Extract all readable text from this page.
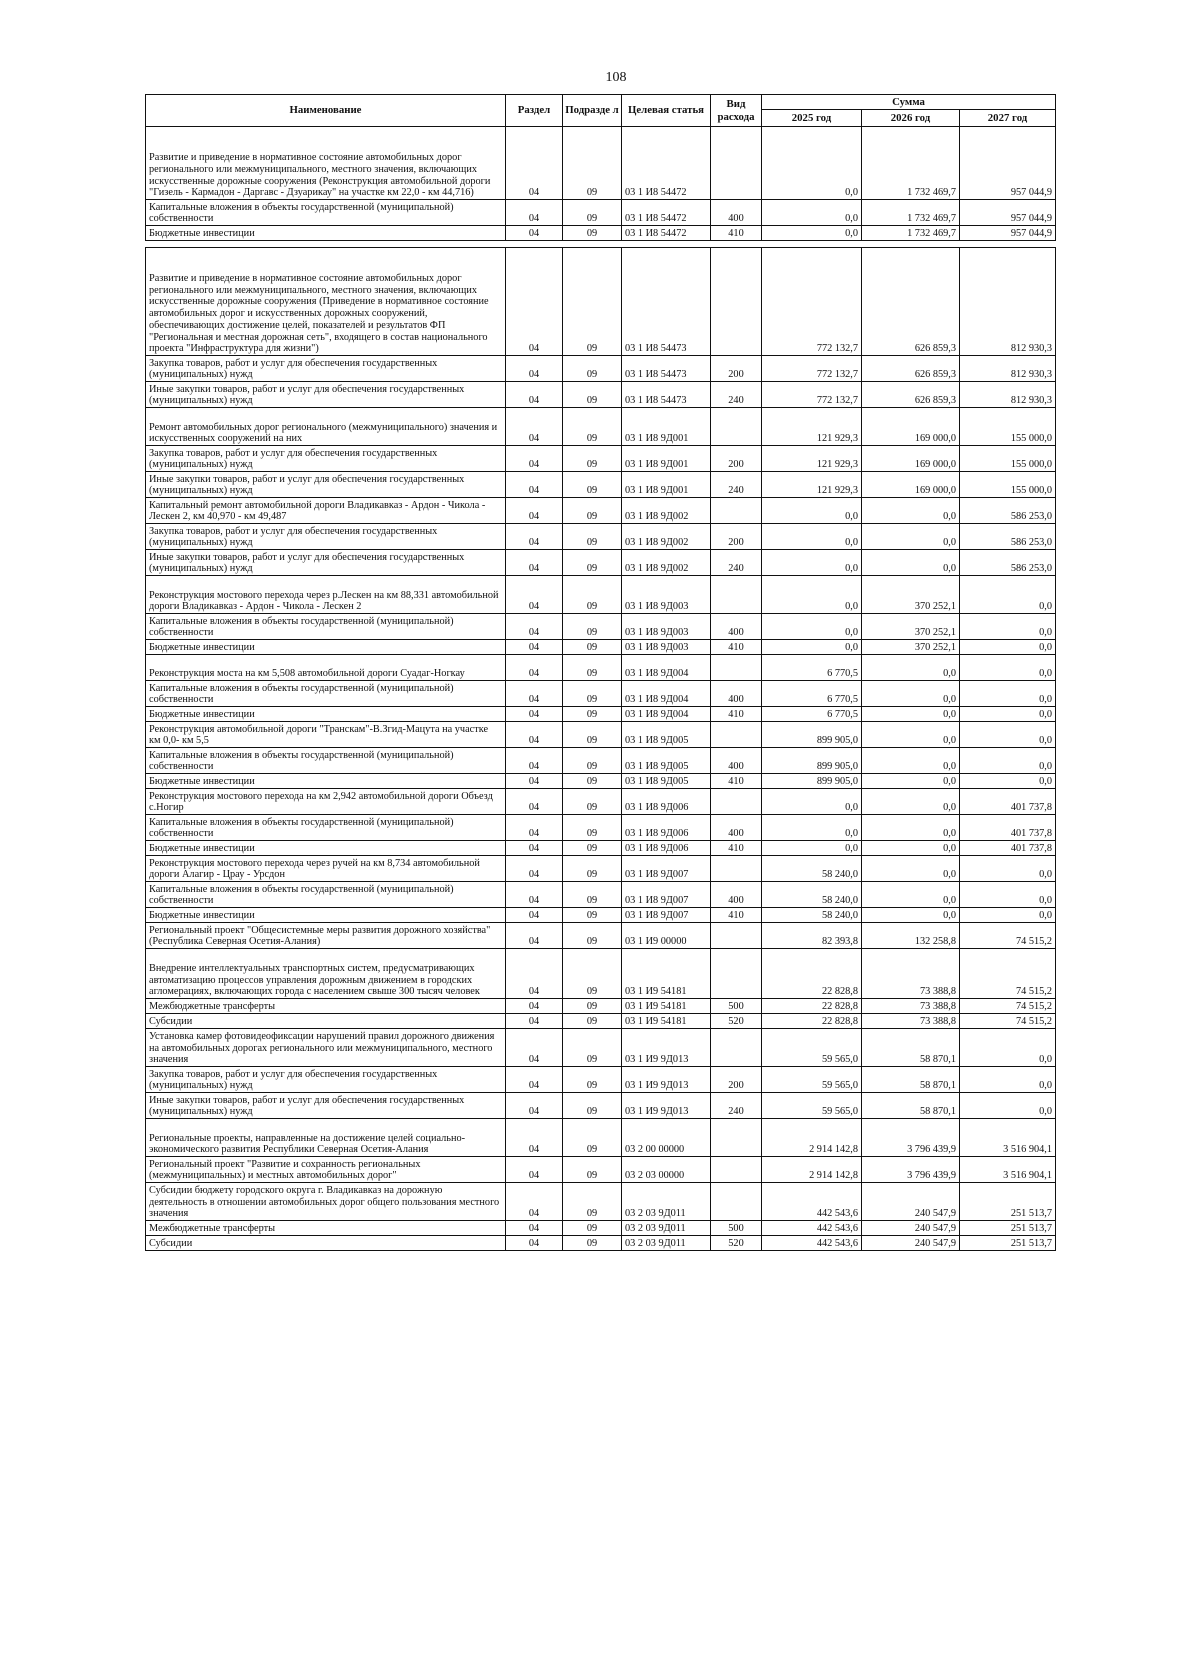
108
Наименование	Раздел	Подразде л	Целевая статья	Вид расхода	Сумма		
					2025 год	2026 год	2027 год
Развитие и приведение в нормативное состояние автомобильных дорог регионального или межмуниципального, местного значения, включающих искусственные дорожные сооружения (Реконструкция автомобильной дороги "Гизель - Кармадон - Даргавс - Дзуарикау" на участке км 22,0 - км 44,716)	04	09	03 1 И8 54472		0,0	1 732 469,7	957 044,9
Капитальные вложения в объекты государственной (муниципальной) собственности	04	09	03 1 И8 54472	400	0,0	1 732 469,7	957 044,9
Бюджетные инвестиции	04	09	03 1 И8 54472	410	0,0	1 732 469,7	957 044,9

Развитие и приведение в нормативное состояние автомобильных дорог регионального или межмуниципального, местного значения, включающих искусственные дорожные сооружения (Приведение в нормативное состояние автомобильных дорог и искусственных дорожных сооружений, обеспечивающих достижение целей, показателей и результатов ФП "Региональная и местная дорожная сеть", входящего в состав национального проекта "Инфраструктура для жизни")	04	09	03 1 И8 54473		772 132,7	626 859,3	812 930,3
Закупка товаров, работ и услуг для обеспечения государственных (муниципальных) нужд	04	09	03 1 И8 54473	200	772 132,7	626 859,3	812 930,3
Иные закупки товаров, работ и услуг для обеспечения государственных (муниципальных) нужд	04	09	03 1 И8 54473	240	772 132,7	626 859,3	812 930,3
Ремонт автомобильных дорог регионального (межмуниципального) значения и искусственных сооружений на них	04	09	03 1 И8 9Д001		121 929,3	169 000,0	155 000,0
Закупка товаров, работ и услуг для обеспечения государственных (муниципальных) нужд	04	09	03 1 И8 9Д001	200	121 929,3	169 000,0	155 000,0
Иные закупки товаров, работ и услуг для обеспечения государственных (муниципальных) нужд	04	09	03 1 И8 9Д001	240	121 929,3	169 000,0	155 000,0
Капитальный ремонт автомобильной дороги Владикавказ - Ардон - Чикола - Лескен 2, км 40,970 - км 49,487	04	09	03 1 И8 9Д002		0,0	0,0	586 253,0
Закупка товаров, работ и услуг для обеспечения государственных (муниципальных) нужд	04	09	03 1 И8 9Д002	200	0,0	0,0	586 253,0
Иные закупки товаров, работ и услуг для обеспечения государственных (муниципальных) нужд	04	09	03 1 И8 9Д002	240	0,0	0,0	586 253,0
Реконструкция мостового перехода через р.Лескен на км 88,331 автомобильной дороги Владикавказ - Ардон - Чикола - Лескен 2	04	09	03 1 И8 9Д003		0,0	370 252,1	0,0
Капитальные вложения в объекты государственной (муниципальной) собственности	04	09	03 1 И8 9Д003	400	0,0	370 252,1	0,0
Бюджетные инвестиции	04	09	03 1 И8 9Д003	410	0,0	370 252,1	0,0
Реконструкция моста на км 5,508 автомобильной дороги Суадаг-Ногкау	04	09	03 1 И8 9Д004		6 770,5	0,0	0,0
Капитальные вложения в объекты государственной (муниципальной) собственности	04	09	03 1 И8 9Д004	400	6 770,5	0,0	0,0
Бюджетные инвестиции	04	09	03 1 И8 9Д004	410	6 770,5	0,0	0,0
Реконструкция автомобильной дороги "Транскам"-В.Згид-Мацута на участке км 0,0- км 5,5	04	09	03 1 И8 9Д005		899 905,0	0,0	0,0
Капитальные вложения в объекты государственной (муниципальной) собственности	04	09	03 1 И8 9Д005	400	899 905,0	0,0	0,0
Бюджетные инвестиции	04	09	03 1 И8 9Д005	410	899 905,0	0,0	0,0
Реконструкция мостового перехода на км 2,942 автомобильной дороги Объезд с.Ногир	04	09	03 1 И8 9Д006		0,0	0,0	401 737,8
Капитальные вложения в объекты государственной (муниципальной) собственности	04	09	03 1 И8 9Д006	400	0,0	0,0	401 737,8
Бюджетные инвестиции	04	09	03 1 И8 9Д006	410	0,0	0,0	401 737,8
Реконструкция мостового перехода через ручей на км 8,734 автомобильной дороги Алагир - Црау - Урсдон	04	09	03 1 И8 9Д007		58 240,0	0,0	0,0
Капитальные вложения в объекты государственной (муниципальной) собственности	04	09	03 1 И8 9Д007	400	58 240,0	0,0	0,0
Бюджетные инвестиции	04	09	03 1 И8 9Д007	410	58 240,0	0,0	0,0
Региональный проект "Общесистемные меры развития дорожного хозяйства" (Республика Северная Осетия-Алания)	04	09	03 1 И9 00000		82 393,8	132 258,8	74 515,2
Внедрение интеллектуальных транспортных систем, предусматривающих автоматизацию процессов управления дорожным движением в городских агломерациях, включающих города с населением свыше 300 тысяч человек	04	09	03 1 И9 54181		22 828,8	73 388,8	74 515,2
Межбюджетные трансферты	04	09	03 1 И9 54181	500	22 828,8	73 388,8	74 515,2
Субсидии	04	09	03 1 И9 54181	520	22 828,8	73 388,8	74 515,2
Установка камер фотовидеофиксации нарушений правил дорожного движения на автомобильных дорогах регионального или межмуниципального, местного значения	04	09	03 1 И9 9Д013		59 565,0	58 870,1	0,0
Закупка товаров, работ и услуг для обеспечения государственных (муниципальных) нужд	04	09	03 1 И9 9Д013	200	59 565,0	58 870,1	0,0
Иные закупки товаров, работ и услуг для обеспечения государственных (муниципальных) нужд	04	09	03 1 И9 9Д013	240	59 565,0	58 870,1	0,0
Региональные проекты, направленные на достижение целей социально-экономического развития Республики Северная Осетия-Алания	04	09	03 2 00 00000		2 914 142,8	3 796 439,9	3 516 904,1
Региональный проект "Развитие и сохранность региональных (межмуниципальных) и местных автомобильных дорог"	04	09	03 2 03 00000		2 914 142,8	3 796 439,9	3 516 904,1
Субсидии бюджету городского округа г. Владикавказ на дорожную деятельность в отношении автомобильных дорог общего пользования местного значения	04	09	03 2 03 9Д011		442 543,6	240 547,9	251 513,7
Межбюджетные трансферты	04	09	03 2 03 9Д011	500	442 543,6	240 547,9	251 513,7
Субсидии	04	09	03 2 03 9Д011	520	442 543,6	240 547,9	251 513,7
